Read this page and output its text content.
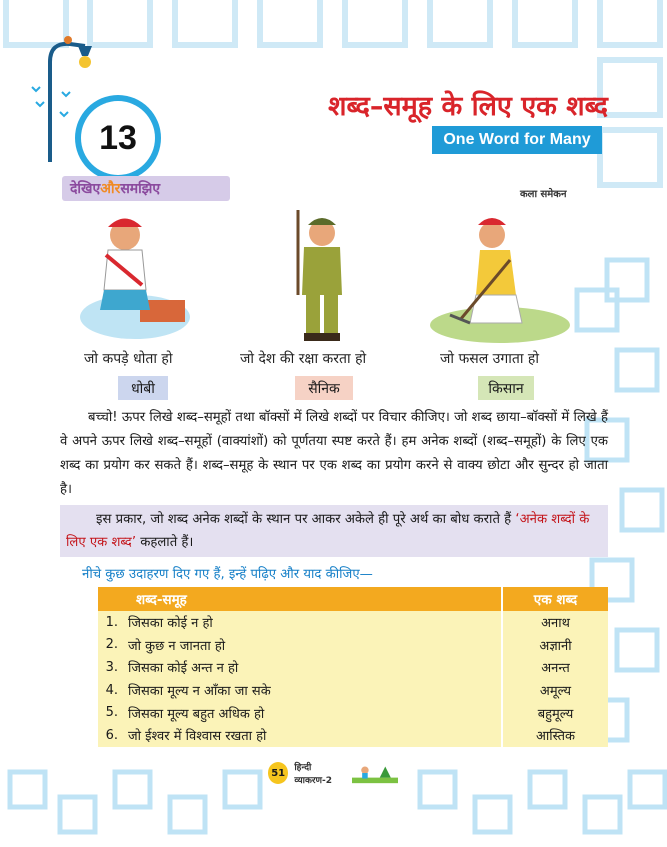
13
शब्द–समूह के लिए एक शब्द
One Word for Many
देखिए और समझिए	कला समेकन
जो कपड़े धोता हो	जो देश की रक्षा करता हो	जो फसल उगाता हो
धोबी	सैनिक	किसान

बच्चो! ऊपर लिखे शब्द–समूहों तथा बॉक्सों में लिखे शब्दों पर विचार कीजिए। जो शब्द छाया–बॉक्सों में लिखे हैं वे अपने ऊपर लिखे शब्द–समूहों (वाक्यांशों) को पूर्णतया स्पष्ट करते हैं। हम अनेक शब्दों (शब्द–समूहों) के लिए एक शब्द का प्रयोग कर सकते हैं। शब्द–समूह के स्थान पर एक शब्द का प्रयोग करने से वाक्य छोटा और सुन्दर हो जाता है।

इस प्रकार, जो शब्द अनेक शब्दों के स्थान पर आकर अकेले ही पूरे अर्थ का बोध कराते हैं ‘अनेक शब्दों के लिए एक शब्द’ कहलाते हैं।
नीचे कुछ उदाहरण दिए गए हैं, इन्हें पढ़िए और याद कीजिए—
शब्द-समूह		एक शब्द
1.	जिसका कोई न हो	अनाथ
2.	जो कुछ न जानता हो	अज्ञानी
3.	जिसका कोई अन्त न हो	अनन्त
4.	जिसका मूल्य न आँका जा सके	अमूल्य
5.	जिसका मूल्य बहुत अधिक हो	बहुमूल्य
6.	जो ईश्वर में विश्वास रखता हो	आस्तिक
51	हिन्दी व्याकरण-2
